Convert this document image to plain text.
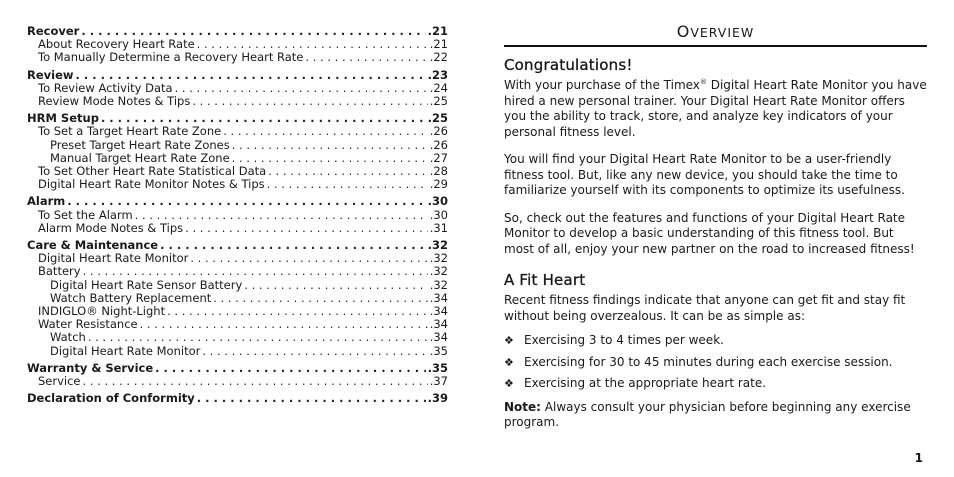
Recover . . .	.21
About Recovery Heart Rate . . .	.21
To Manually Determine a Recovery Heart Rate . . .	.22
Review . . .	.23
To Review Activity Data . . .	.24
Review Mode Notes & Tips . . .	.25
HRM Setup . . .	.25
To Set a Target Heart Rate Zone . . .	.26
Preset Target Heart Rate Zones . . .	.26
Manual Target Heart Rate Zone . . .	.27
To Set Other Heart Rate Statistical Data . . .	.28
Digital Heart Rate Monitor Notes & Tips . . .	.29
Alarm . . .	.30
To Set the Alarm . . .	.30
Alarm Mode Notes & Tips . . .	.31
Care & Maintenance . . .	.32
Digital Heart Rate Monitor . . .	.32
Battery . . .	.32
Digital Heart Rate Sensor Battery . . .	.32
Watch Battery Replacement . . .	.34
INDIGLO® Night-Light . . .	.34
Water Resistance . . .	.34
Watch . . .	.34
Digital Heart Rate Monitor . . .	.35
Warranty & Service . . .	.35
Service . . .	.37
Declaration of Conformity . . .	.39
OVERVIEW
Congratulations!

With your purchase of the Timex® Digital Heart Rate Monitor you have hired a new personal trainer. Your Digital Heart Rate Monitor offers you the ability to track, store, and analyze key indicators of your personal fitness level.

You will find your Digital Heart Rate Monitor to be a user-friendly fitness tool. But, like any new device, you should take the time to familiarize yourself with its components to optimize its usefulness.

So, check out the features and functions of your Digital Heart Rate Monitor to develop a basic understanding of this fitness tool. But most of all, enjoy your new partner on the road to increased fitness!

A Fit Heart

Recent fitness findings indicate that anyone can get fit and stay fit without being overzealous. It can be as simple as:

❖ Exercising 3 to 4 times per week.
❖ Exercising for 30 to 45 minutes during each exercise session.
❖ Exercising at the appropriate heart rate.

Note: Always consult your physician before beginning any exercise program.

1
